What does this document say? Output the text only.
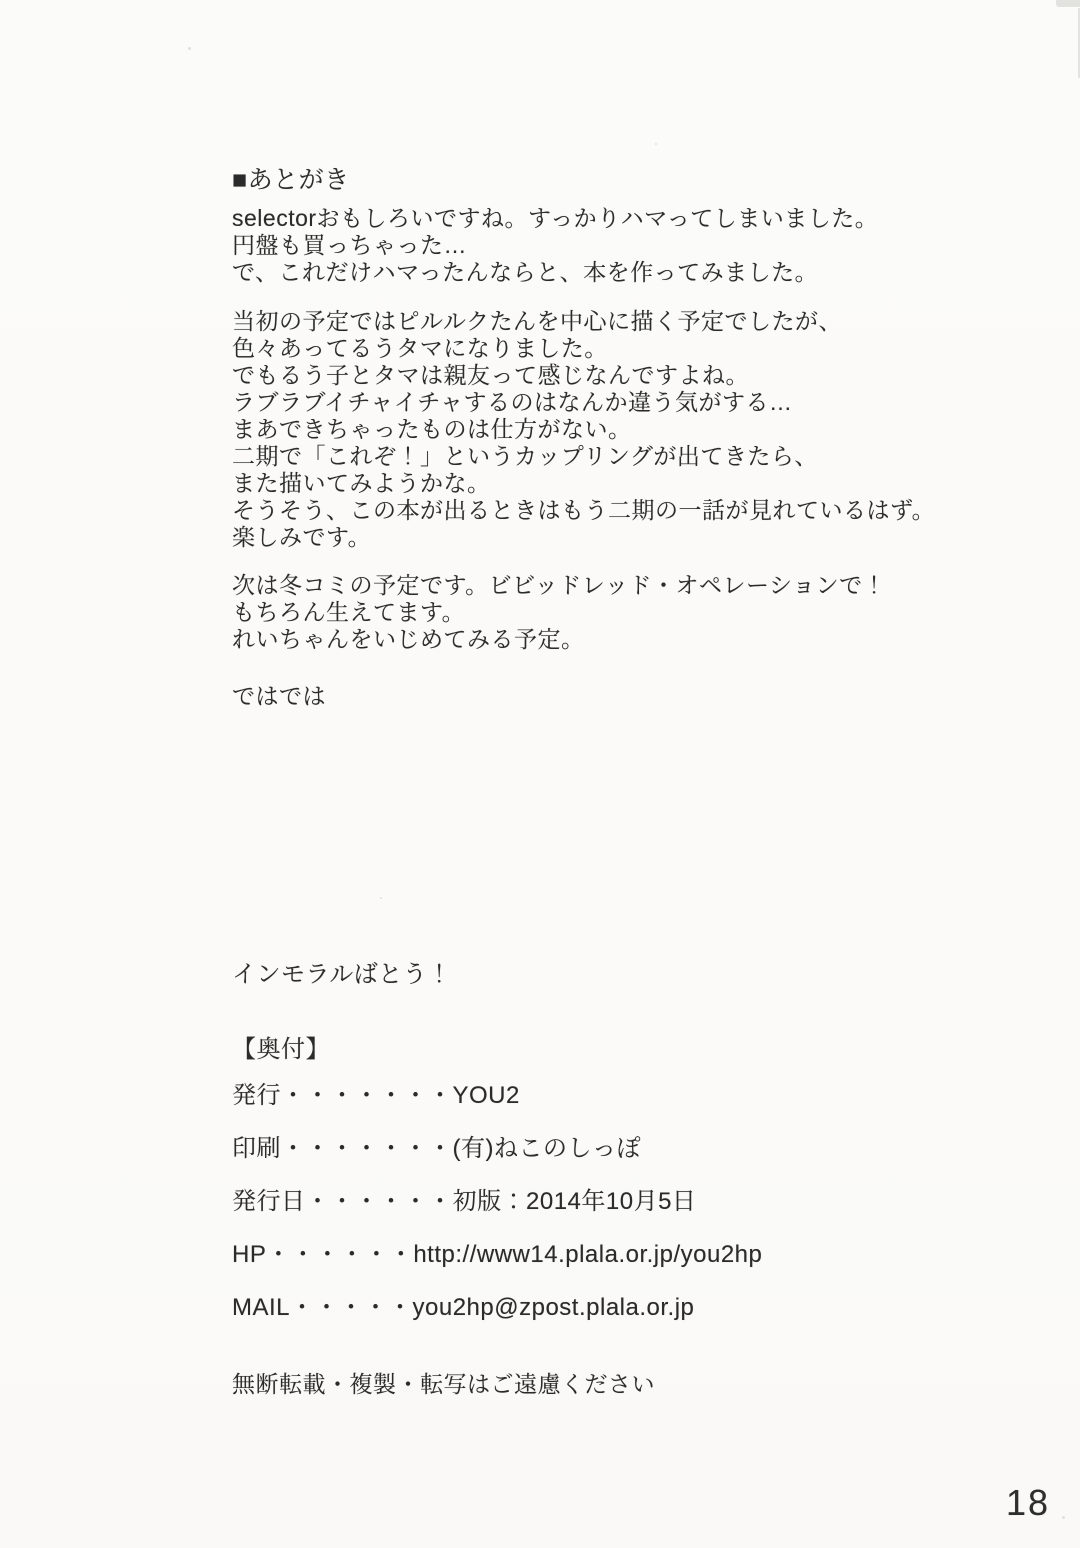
■あとがき
selectorおもしろいですね。すっかりハマってしまいました。
円盤も買っちゃった…
で、これだけハマったんならと、本を作ってみました。
当初の予定ではピルルクたんを中心に描く予定でしたが、
色々あってるうタマになりました。
でもるう子とタマは親友って感じなんですよね。
ラブラブイチャイチャするのはなんか違う気がする…
まあできちゃったものは仕方がない。
二期で「これぞ！」というカップリングが出てきたら、
また描いてみようかな。
そうそう、この本が出るときはもう二期の一話が見れているはず。
楽しみです。
次は冬コミの予定です。ビビッドレッド・オペレーションで！
もちろん生えてます。
れいちゃんをいじめてみる予定。
ではでは
インモラルばとう！
【奥付】
発行・・・・・・・YOU2
印刷・・・・・・・(有)ねこのしっぽ
発行日・・・・・・初版：2014年10月5日
HP・・・・・・http://www14.plala.or.jp/you2hp
MAIL・・・・・you2hp@zpost.plala.or.jp
無断転載・複製・転写はご遠慮ください
18
